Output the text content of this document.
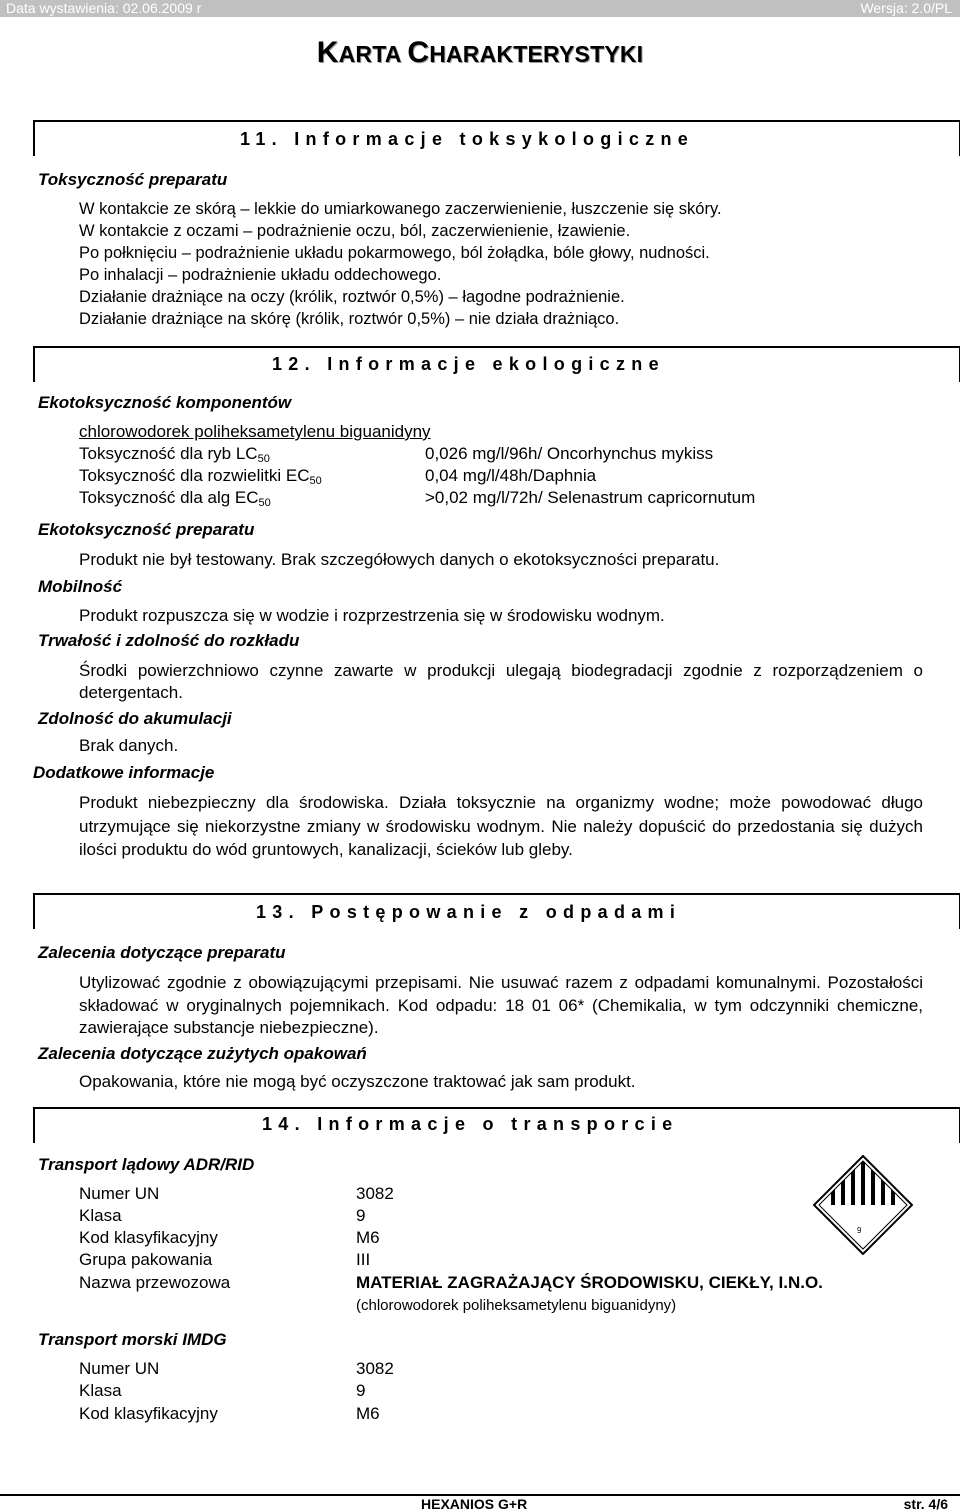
Data wystawienia: 02.06.2009 r	Wersja: 2.0/PL
KARTA CHARAKTERYSTYKI
11. Informacje toksykologiczne
Toksyczność preparatu
W kontakcie ze skórą – lekkie do umiarkowanego zaczerwienienie, łuszczenie się skóry.
W kontakcie z oczami – podrażnienie oczu, ból, zaczerwienienie, łzawienie.
Po połknięciu – podrażnienie układu pokarmowego, ból żołądka, bóle głowy, nudności.
Po inhalacji – podrażnienie układu oddechowego.
Działanie drażniące na oczy (królik, roztwór 0,5%) – łagodne podrażnienie.
Działanie drażniące na skórę (królik, roztwór 0,5%) – nie działa drażniąco.
12. Informacje ekologiczne
Ekotoksyczność komponentów
chlorowodorek poliheksametylenu biguanidyny
Toksyczność dla ryb $LC_{50}$	0,026 mg/l/96h/ Oncorhynchus mykiss
Toksyczność dla rozwielitki $EC_{50}$	0,04 mg/l/48h/Daphnia
Toksyczność dla alg $EC_{50}$	>0,02 mg/l/72h/ Selenastrum capricornutum
Ekotoksyczność preparatu
Produkt nie był testowany. Brak szczegółowych danych o ekotoksyczności preparatu.
Mobilność
Produkt rozpuszcza się w wodzie i rozprzestrzenia się w środowisku wodnym.
Trwałość i zdolność do rozkładu
Środki powierzchniowo czynne zawarte w produkcji ulegają biodegradacji zgodnie z rozporządzeniem o detergentach.
Zdolność do akumulacji
Brak danych.
Dodatkowe informacje
Produkt niebezpieczny dla środowiska. Działa toksycznie na organizmy wodne; może powodować długo utrzymujące się niekorzystne zmiany w środowisku wodnym. Nie należy dopuścić do przedostania się dużych ilości produktu do wód gruntowych, kanalizacji, ścieków lub gleby.
13. Postępowanie z odpadami
Zalecenia dotyczące preparatu
Utylizować zgodnie z obowiązującymi przepisami. Nie usuwać razem z odpadami komunalnymi. Pozostałości składować w oryginalnych pojemnikach. Kod odpadu: 18 01 06* (Chemikalia, w tym odczynniki chemiczne, zawierające substancje niebezpieczne).
Zalecenia dotyczące zużytych opakowań
Opakowania, które nie mogą być oczyszczone traktować jak sam produkt.
14. Informacje o transporcie
Transport lądowy ADR/RID
Numer UN	3082
Klasa	9
Kod klasyfikacyjny	M6
Grupa pakowania	III
Nazwa przewozowa	MATERIAŁ ZAGRAŻAJĄCY ŚRODOWISKU, CIEKŁY, I.N.O.
(chlorowodorek poliheksametylenu biguanidyny)
9
Transport morski IMDG
Numer UN	3082
Klasa	9
Kod klasyfikacyjny	M6
HEXANIOS G+R	str. 4/6
